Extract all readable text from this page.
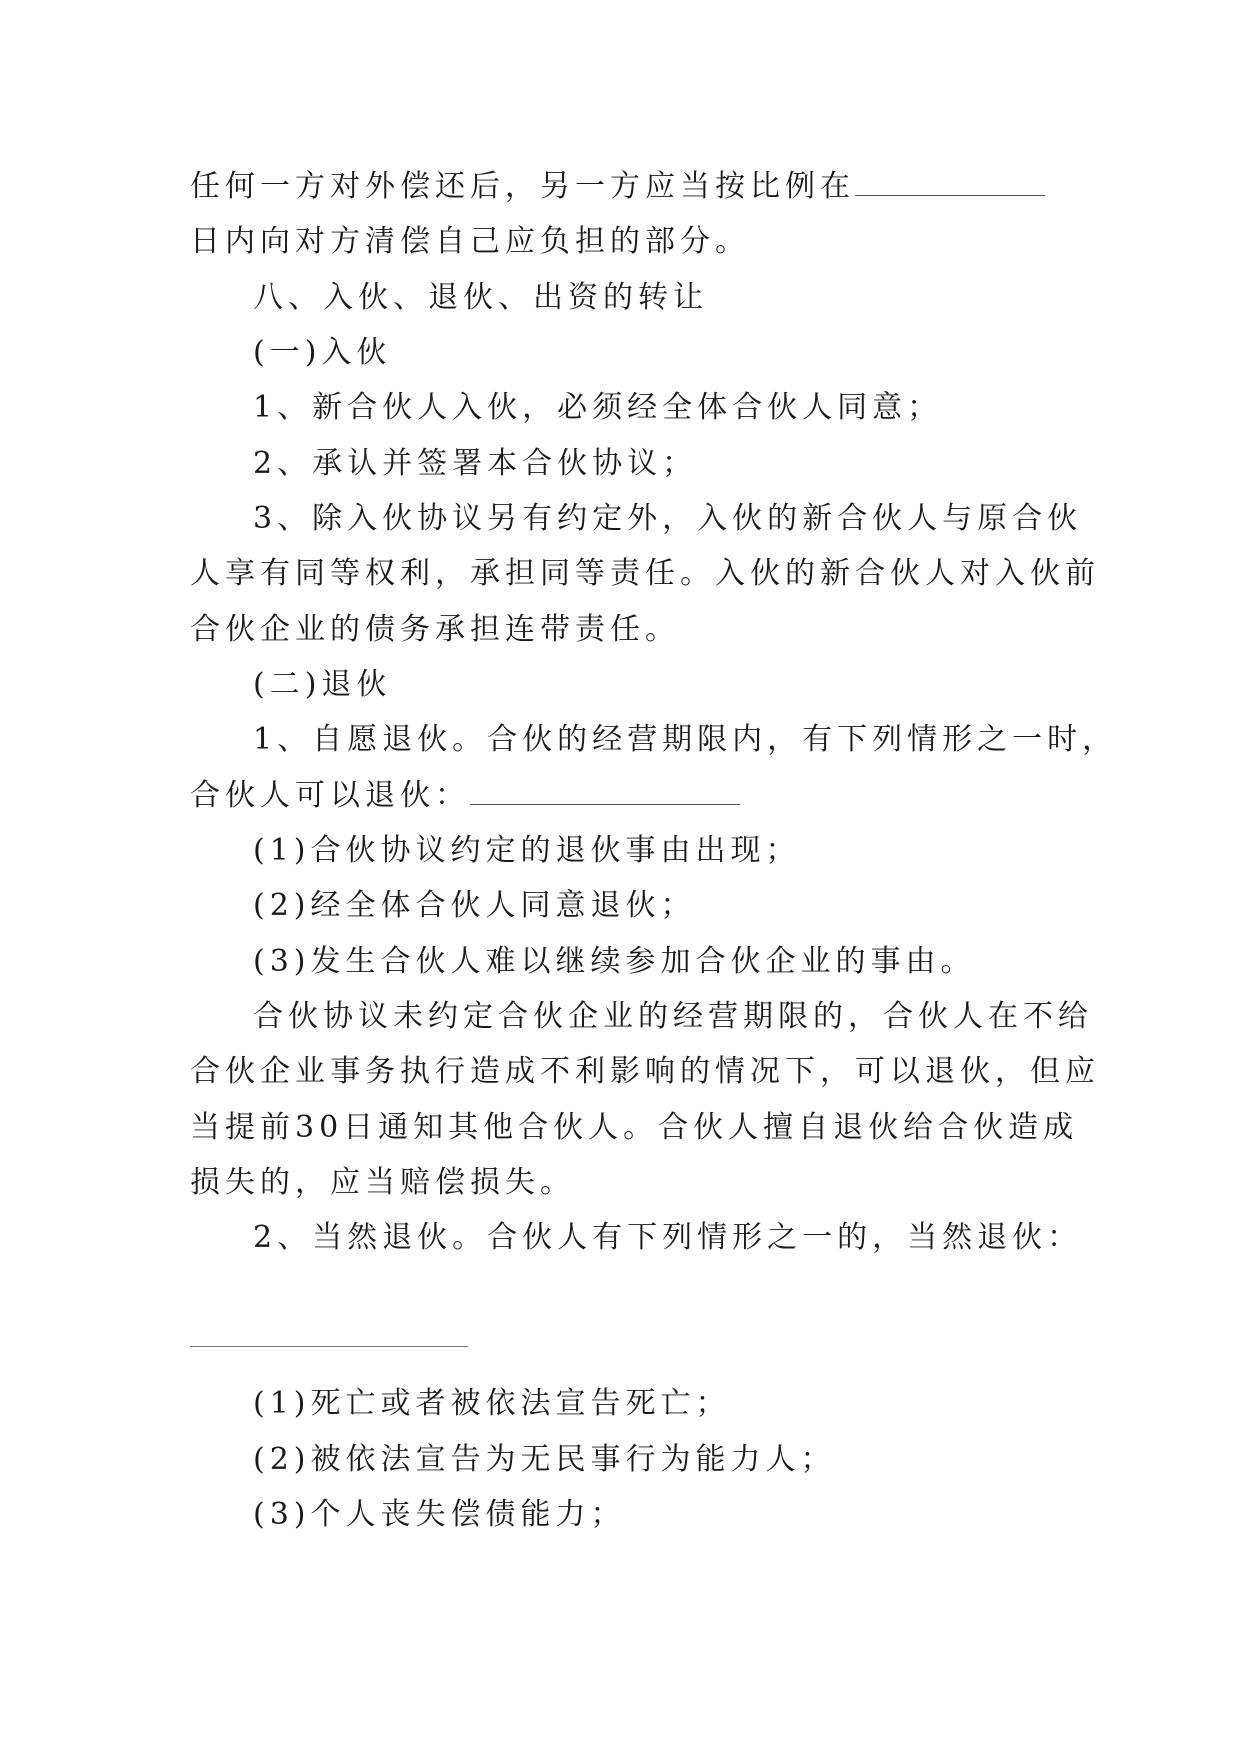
任何一方对外偿还后，另一方应当按比例在
日内向对方清偿自己应负担的部分。
八、入伙、退伙、出资的转让
(一)入伙
1、新合伙人入伙，必须经全体合伙人同意；
2、承认并签署本合伙协议；
3、除入伙协议另有约定外，入伙的新合伙人与原合伙
人享有同等权利，承担同等责任。入伙的新合伙人对入伙前
合伙企业的债务承担连带责任。
(二)退伙
1、自愿退伙。合伙的经营期限内，有下列情形之一时，
合伙人可以退伙：
(1)合伙协议约定的退伙事由出现；
(2)经全体合伙人同意退伙；
(3)发生合伙人难以继续参加合伙企业的事由。
合伙协议未约定合伙企业的经营期限的，合伙人在不给
合伙企业事务执行造成不利影响的情况下，可以退伙，但应
当提前30日通知其他合伙人。合伙人擅自退伙给合伙造成
损失的，应当赔偿损失。
2、当然退伙。合伙人有下列情形之一的，当然退伙：
(1)死亡或者被依法宣告死亡；
(2)被依法宣告为无民事行为能力人；
(3)个人丧失偿债能力；
